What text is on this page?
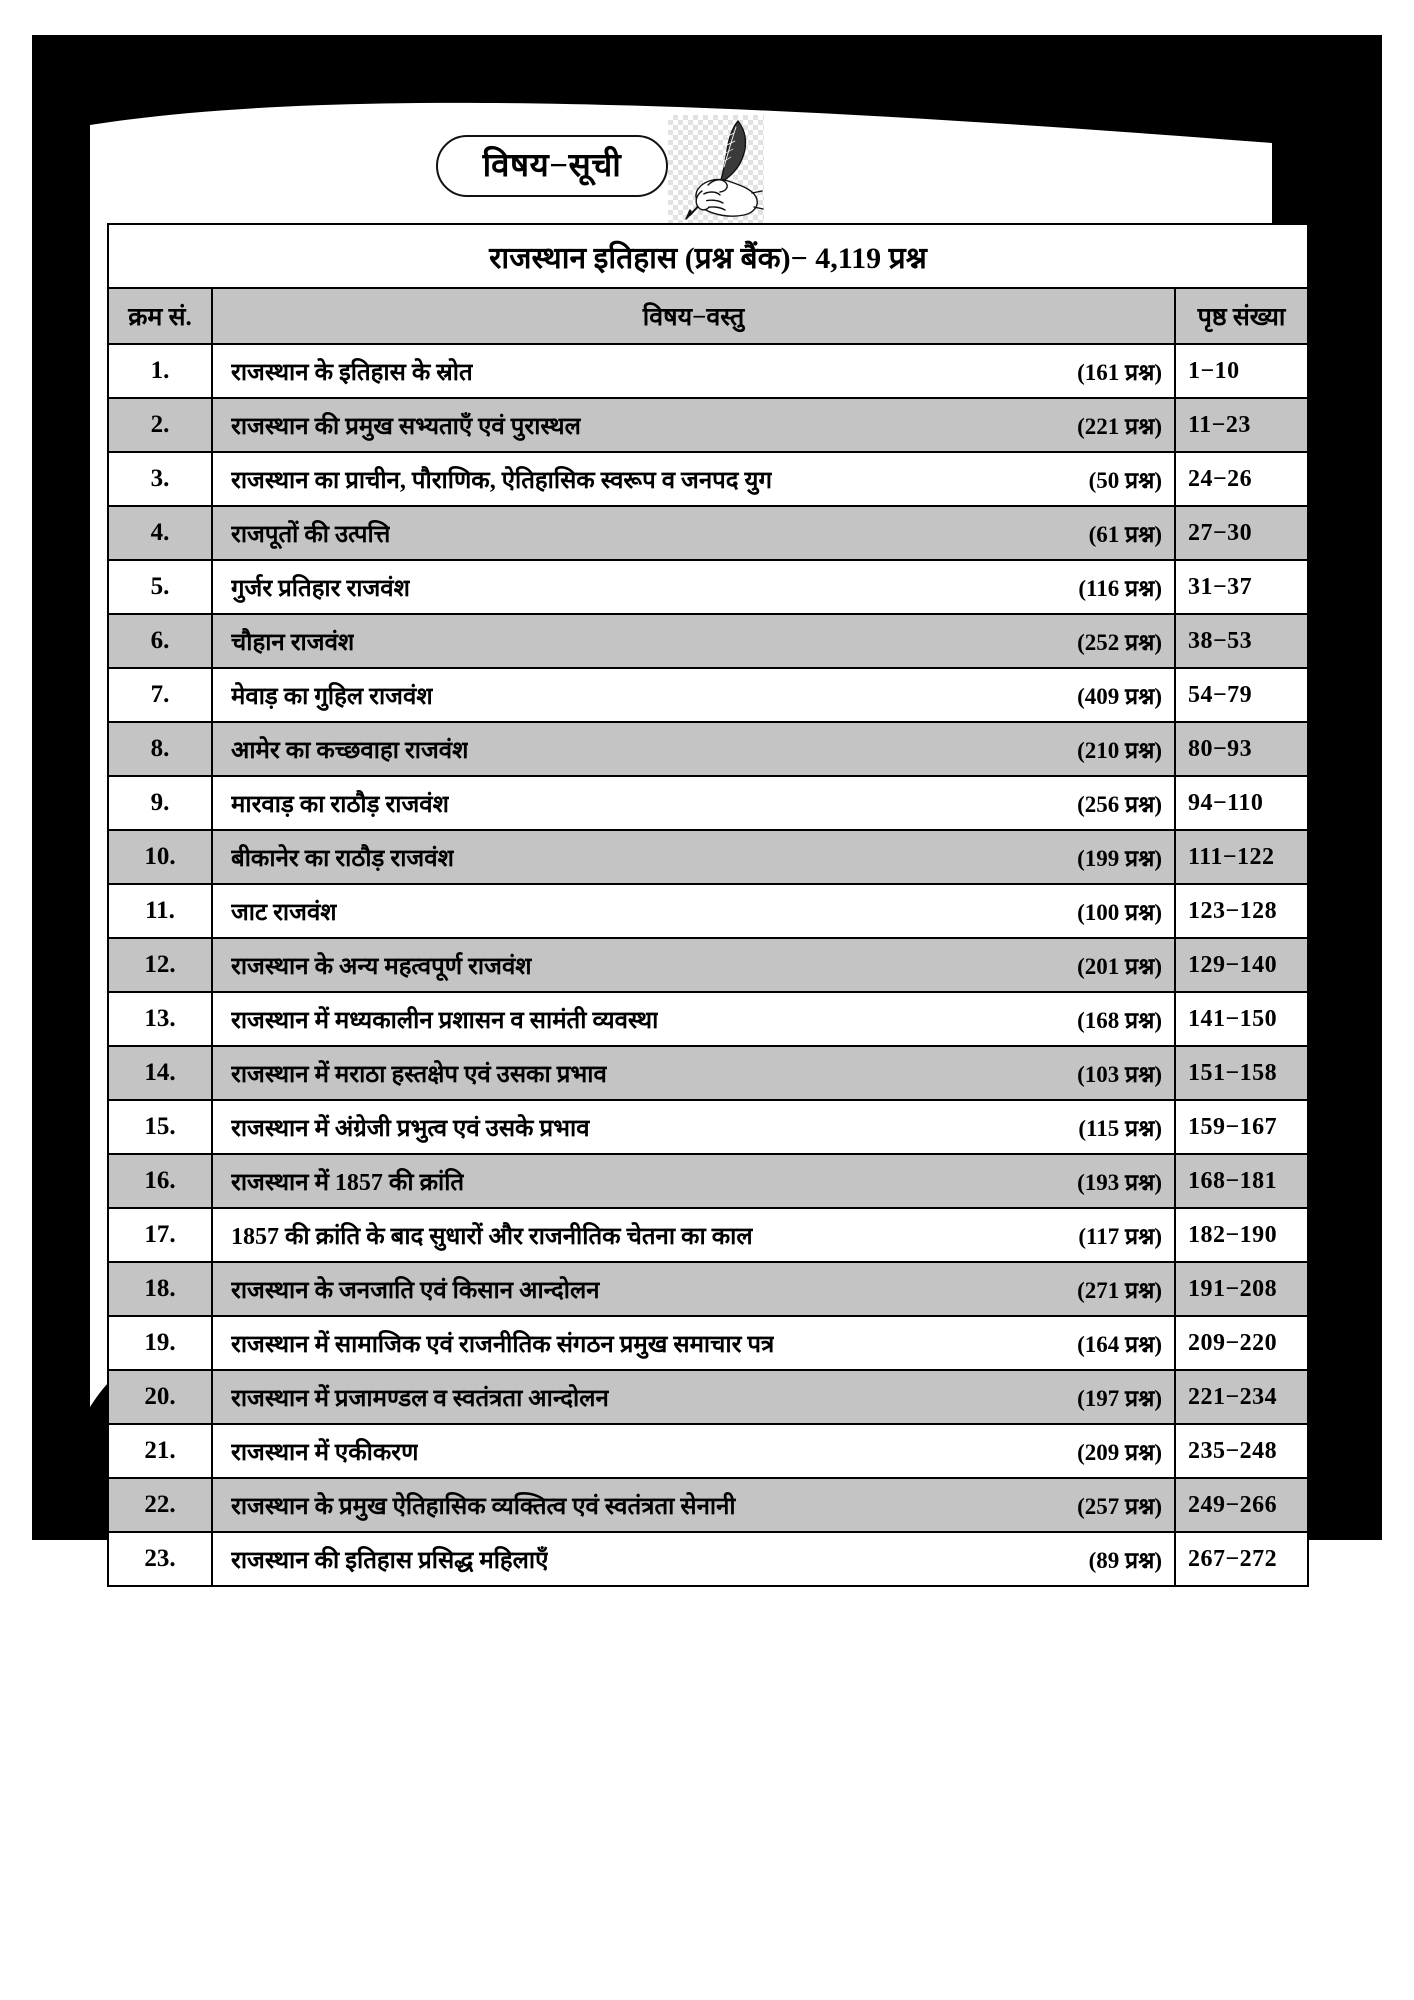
विषय−सूची
राजस्थान इतिहास (प्रश्न बैंक)− 4,119 प्रश्न		
क्रम सं.	विषय−वस्तु	पृष्ठ संख्या
1.	राजस्थान के इतिहास के स्रोत (161 प्रश्न)	1−10
2.	राजस्थान की प्रमुख सभ्यताएँ एवं पुरास्थल (221 प्रश्न)	11−23
3.	राजस्थान का प्राचीन, पौराणिक, ऐतिहासिक स्वरूप व जनपद युग (50 प्रश्न)	24−26
4.	राजपूतों की उत्पत्ति (61 प्रश्न)	27−30
5.	गुर्जर प्रतिहार राजवंश (116 प्रश्न)	31−37
6.	चौहान राजवंश (252 प्रश्न)	38−53
7.	मेवाड़ का गुहिल राजवंश (409 प्रश्न)	54−79
8.	आमेर का कच्छवाहा राजवंश (210 प्रश्न)	80−93
9.	मारवाड़ का राठौड़ राजवंश (256 प्रश्न)	94−110
10.	बीकानेर का राठौड़ राजवंश (199 प्रश्न)	111−122
11.	जाट राजवंश (100 प्रश्न)	123−128
12.	राजस्थान के अन्य महत्वपूर्ण राजवंश (201 प्रश्न)	129−140
13.	राजस्थान में मध्यकालीन प्रशासन व सामंती व्यवस्था (168 प्रश्न)	141−150
14.	राजस्थान में मराठा हस्तक्षेप एवं उसका प्रभाव (103 प्रश्न)	151−158
15.	राजस्थान में अंग्रेजी प्रभुत्व एवं उसके प्रभाव (115 प्रश्न)	159−167
16.	राजस्थान में 1857 की क्रांति (193 प्रश्न)	168−181
17.	1857 की क्रांति के बाद सुधारों और राजनीतिक चेतना का काल (117 प्रश्न)	182−190
18.	राजस्थान के जनजाति एवं किसान आन्दोलन (271 प्रश्न)	191−208
19.	राजस्थान में सामाजिक एवं राजनीतिक संगठन प्रमुख समाचार पत्र (164 प्रश्न)	209−220
20.	राजस्थान में प्रजामण्डल व स्वतंत्रता आन्दोलन (197 प्रश्न)	221−234
21.	राजस्थान में एकीकरण (209 प्रश्न)	235−248
22.	राजस्थान के प्रमुख ऐतिहासिक व्यक्तित्व एवं स्वतंत्रता सेनानी (257 प्रश्न)	249−266
23.	राजस्थान की इतिहास प्रसिद्ध महिलाएँ (89 प्रश्न)	267−272
